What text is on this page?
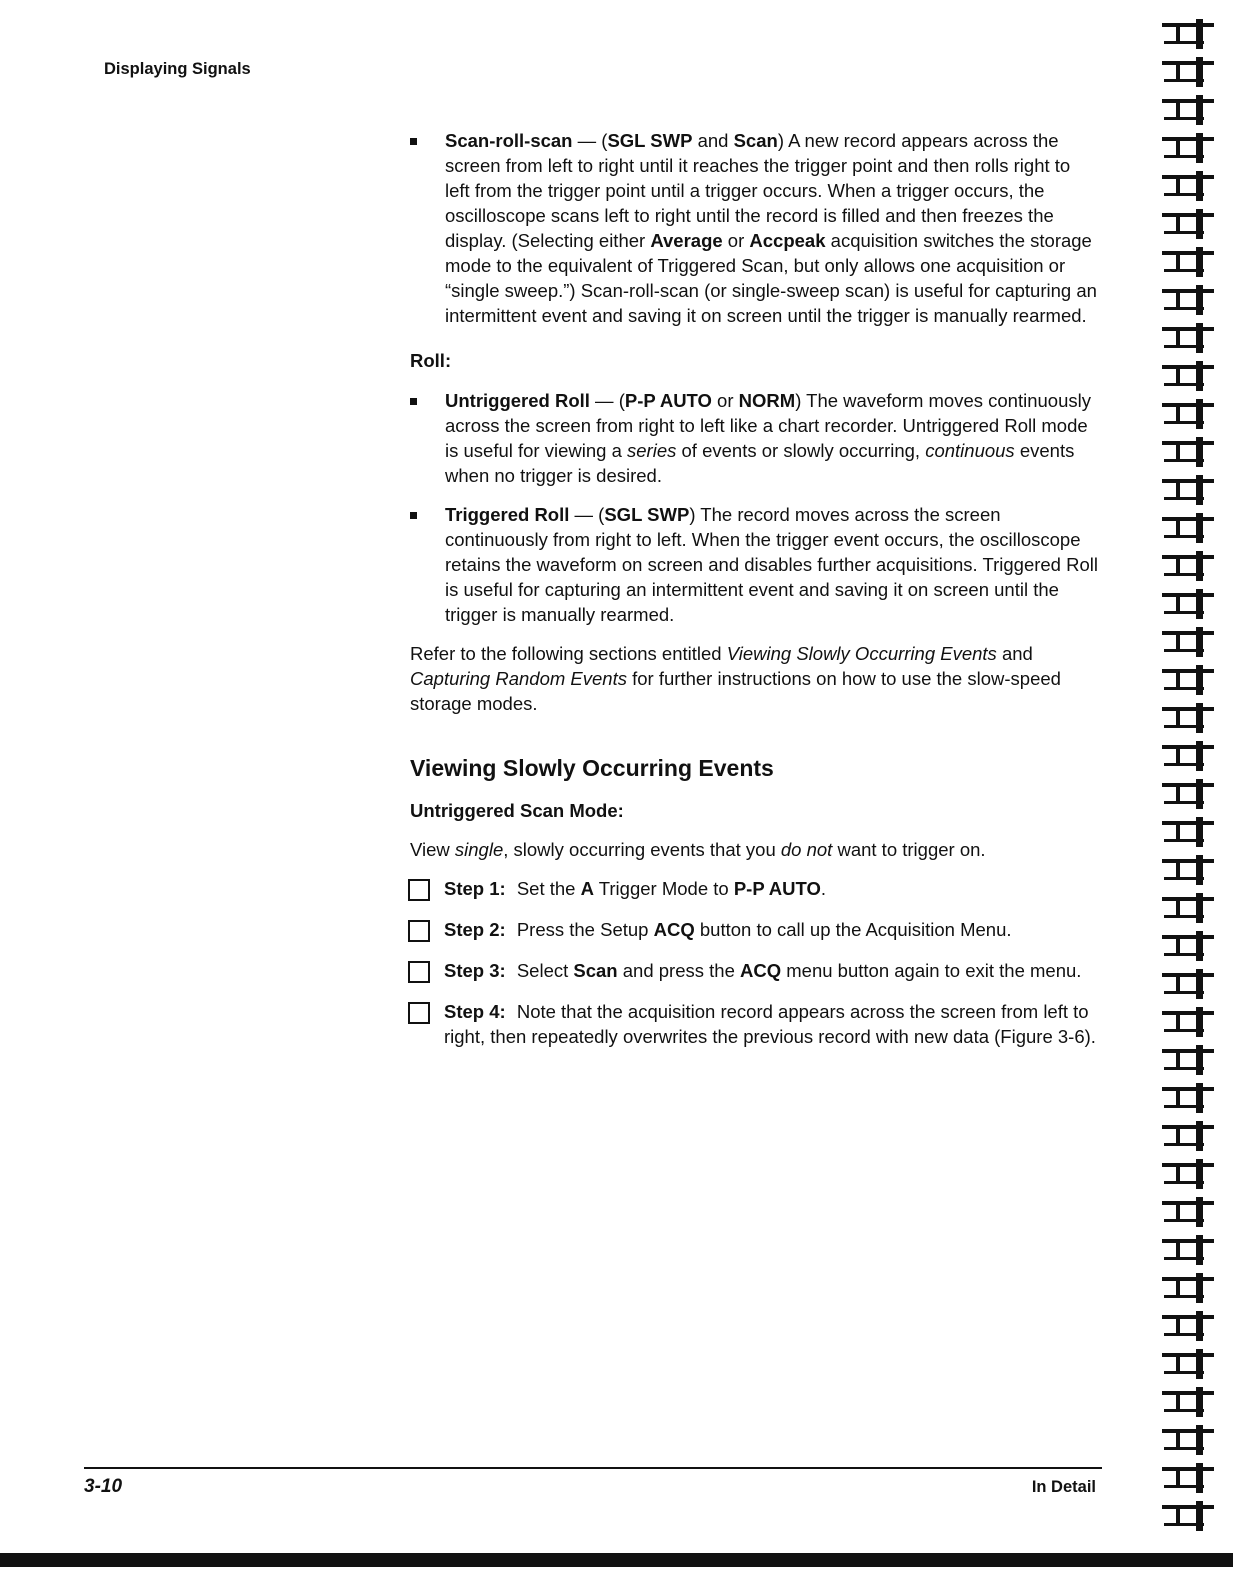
Displaying Signals
Scan-roll-scan — (SGL SWP and Scan) A new record appears across the screen from left to right until it reaches the trigger point and then rolls right to left from the trigger point until a trigger occurs. When a trigger occurs, the oscilloscope scans left to right until the record is filled and then freezes the display. (Selecting either Average or Accpeak acquisition switches the storage mode to the equivalent of Triggered Scan, but only allows one acquisition or “single sweep.”) Scan-roll-scan (or single-sweep scan) is useful for capturing an intermittent event and saving it on screen until the trigger is manually rearmed.
Roll:
Untriggered Roll — (P-P AUTO or NORM) The waveform moves continuously across the screen from right to left like a chart recorder. Untriggered Roll mode is useful for viewing a series of events or slowly occurring, continuous events when no trigger is desired.
Triggered Roll — (SGL SWP) The record moves across the screen continuously from right to left. When the trigger event occurs, the oscilloscope retains the waveform on screen and disables further acquisitions. Triggered Roll is useful for capturing an intermittent event and saving it on screen until the trigger is manually rearmed.
Refer to the following sections entitled Viewing Slowly Occurring Events and Capturing Random Events for further instructions on how to use the slow-speed storage modes.
Viewing Slowly Occurring Events
Untriggered Scan Mode:
View single, slowly occurring events that you do not want to trigger on.
Step 1: Set the A Trigger Mode to P-P AUTO.
Step 2: Press the Setup ACQ button to call up the Acquisition Menu.
Step 3: Select Scan and press the ACQ menu button again to exit the menu.
Step 4: Note that the acquisition record appears across the screen from left to right, then repeatedly overwrites the previous record with new data (Figure 3-6).
3-10	In Detail
